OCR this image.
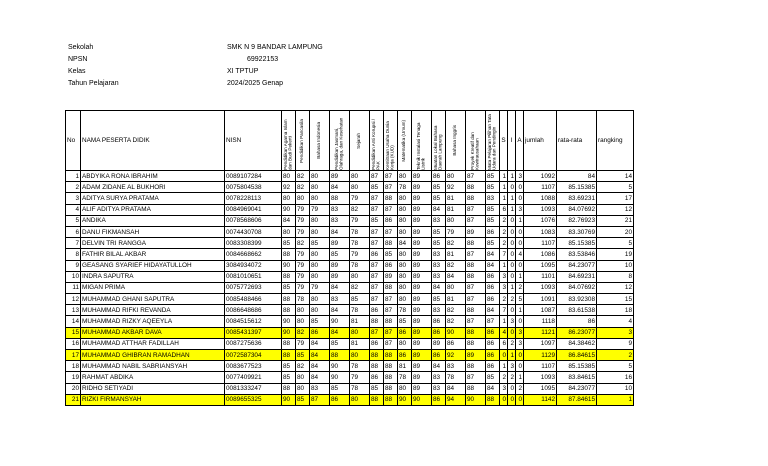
Sekolah	SMK N 9 BANDAR LAMPUNG
NPSN	69922153
Kelas	XI TPTUP
Tahun Pelajaran	2024/2025 Genap
No	NAMA PESERTA DIDIK	NISN	Pendidikan Agama Islam dan Budi Pekerti	Pendidikan Pancasila	Bahasa Indonesia	Pendidikan Jasmani, Olahraga, dan Kesehatan	Sejarah	Pendidikan Anti Korupsi / PAK	Kemitraan Usaha Dunia Kerja (KUD)	Matematika (Umum)	Teknik Instalasi Tenaga Listrik	Muatan Lokal Bahasa Daerah Lampung	Bahasa Inggris	Proyek Kreatif dan Kewirausahaan	Mata Pelajaran Pilihan Tata Udara dan Pendingin	S	I	A	jumlah	rata-rata	rangking
1	ABDYIKA RONA IBRAHIM	0089107284	80	82	80	89	80	87	87	80	89	86	80	87	85	1	1	3	1092	84	14
2	ADAM ZIDANE AL BUKHORI	0075804538	92	82	80	84	80	85	87	78	89	85	92	88	85	1	0	0	1107	85.15385	5
3	ADITYA SURYA PRATAMA	0078228113	80	80	80	88	79	87	88	80	89	85	81	88	83	1	1	0	1088	83.69231	17
4	ALIF ADITYA PRATAMA	0084969041	90	79	79	83	82	87	87	80	89	84	81	87	85	6	1	3	1093	84.07692	12
5	ANDIKA	0078568606	84	79	80	83	79	85	86	80	89	83	80	87	85	2	0	1	1076	82.76923	21
6	DANU FIKMANSAH	0074430708	80	79	80	84	78	87	87	80	89	85	79	89	86	2	0	0	1083	83.30769	20
7	DELVIN TRI RANGGA	0083308399	85	82	85	89	78	87	88	84	89	85	82	88	85	2	0	0	1107	85.15385	5
8	FATHIR BILAL AKBAR	0084668662	88	79	80	85	79	86	85	80	89	83	81	87	84	7	0	4	1086	83.53846	19
9	GEASANG SYARIEF HIDAYATULLOH	3084934072	90	79	80	89	78	87	86	80	89	83	82	88	84	1	0	0	1095	84.23077	10
10	INDRA SAPUTRA	0081010651	88	79	80	89	80	87	89	80	89	83	84	88	86	3	0	1	1101	84.69231	8
11	MIGAN PRIMA	0075772693	85	79	79	84	82	87	88	80	89	84	80	87	86	3	1	2	1093	84.07692	12
12	MUHAMMAD GHANI SAPUTRA	0085488466	88	78	80	83	85	87	87	80	89	85	81	87	86	2	2	5	1091	83.92308	15
13	MUHAMMAD RIFKI REVANDA	0086648686	88	80	80	84	78	86	87	78	89	83	82	88	84	7	0	1	1087	83.61538	18
14	MUHAMMAD RIZKY AQEEYLA	0084515612	90	80	85	90	81	88	88	85	89	86	82	87	87	1	3	0	1118	86	4
15	MUHAMMAD AKBAR DAVA	0085431397	90	82	86	84	80	87	87	86	89	86	90	88	86	4	0	3	1121	86.23077	3
16	MUHAMMAD ATTHAR FADILLAH	0087275636	88	79	84	85	81	86	87	80	89	89	86	88	86	6	2	3	1097	84.38462	9
17	MUHAMMAD GHIBRAN RAMADHAN	0072587304	88	85	84	88	80	88	88	86	89	86	92	89	86	0	1	0	1129	86.84615	2
18	MUHAMMAD NABIL SABRIANSYAH	0083677523	85	82	84	90	78	88	88	81	89	84	83	88	86	1	3	0	1107	85.15385	5
19	RAHMAT ABDIKA	0077409921	85	80	84	90	79	86	88	78	89	83	78	87	85	2	2	1	1093	83.84615	16
20	RIDHO SETIYADI	0081333247	88	80	83	85	78	85	88	80	89	83	84	88	84	3	0	2	1095	84.23077	10
21	RIZKI FIRMANSYAH	0089655325	90	85	87	86	80	88	88	90	90	86	94	90	88	0	0	0	1142	87.84615	1
